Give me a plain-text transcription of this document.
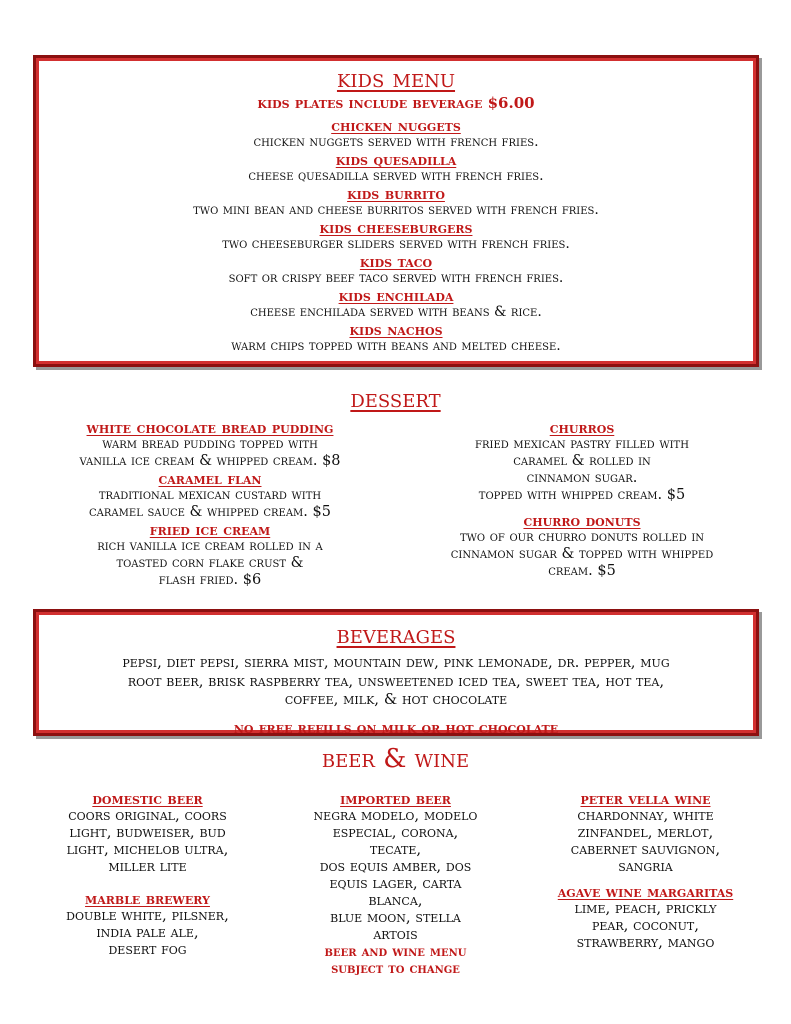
kids menu
kids plates include beverage $6.00
chicken nuggets
chicken nuggets served with french fries.
kids quesadilla
cheese quesadilla served with french fries.
kids burrito
two mini bean and cheese burritos served with french fries.
kids cheeseburgers
two cheeseburger sliders served with french fries.
kids taco
soft or crispy beef taco served with french fries.
kids enchilada
cheese enchilada served with beans & rice.
kids nachos
warm chips topped with beans and melted cheese.
dessert
white chocolate bread pudding
warm bread pudding topped with
vanilla ice cream & whipped cream. $8
caramel flan
traditional mexican custard with
caramel sauce & whipped cream. $5
fried ice cream
rich vanilla ice cream rolled in a
toasted corn flake crust &
flash fried. $6
churros
fried mexican pastry filled with
caramel & rolled in
cinnamon sugar.
topped with whipped cream. $5
churro donuts
two of our churro donuts rolled in
cinnamon sugar & topped with whipped
cream. $5
beverages
pepsi, diet pepsi, sierra mist, mountain dew, pink lemonade, dr. pepper, mug
root beer, brisk raspberry tea, unsweetened iced tea, sweet tea, hot tea,
coffee, milk, & hot chocolate
no free refills on milk or hot chocolate
beer & wine
domestic beer
coors original, coors
light, budweiser, bud
light, michelob ultra,
miller lite
marble brewery
double white, pilsner,
india pale ale,
desert fog
imported beer
negra modelo, modelo
especial, corona,
tecate,
dos equis amber, dos
equis lager, carta
blanca,
blue moon, stella
artois
beer and wine menu
subject to change
peter vella wine
chardonnay, white
zinfandel, merlot,
cabernet sauvignon,
sangria
agave wine margaritas
lime, peach, prickly
pear, coconut,
strawberry, mango
